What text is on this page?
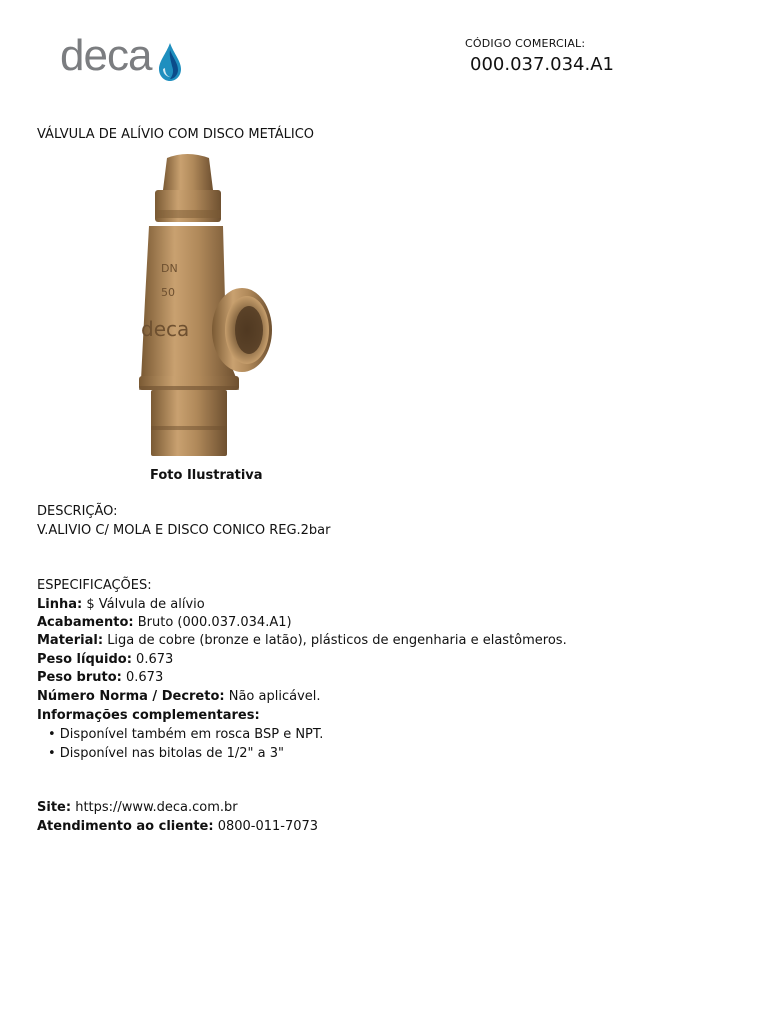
deca	CÓDIGO COMERCIAL:
000.037.034.A1
VÁLVULA DE ALÍVIO COM DISCO METÁLICO
DN
50
deca
Foto Ilustrativa
DESCRIÇÃO:
V.ALIVIO C/ MOLA E DISCO CONICO REG.2bar
ESPECIFICAÇÕES:
Linha: $ Válvula de alívio
Acabamento: Bruto (000.037.034.A1)
Material: Liga de cobre (bronze e latão), plásticos de engenharia e elastômeros.
Peso líquido: 0.673
Peso bruto: 0.673
Número Norma / Decreto: Não aplicável.
Informações complementares:
• Disponível também em rosca BSP e NPT.
• Disponível nas bitolas de 1/2" a 3"
Site: https://www.deca.com.br
Atendimento ao cliente: 0800-011-7073
